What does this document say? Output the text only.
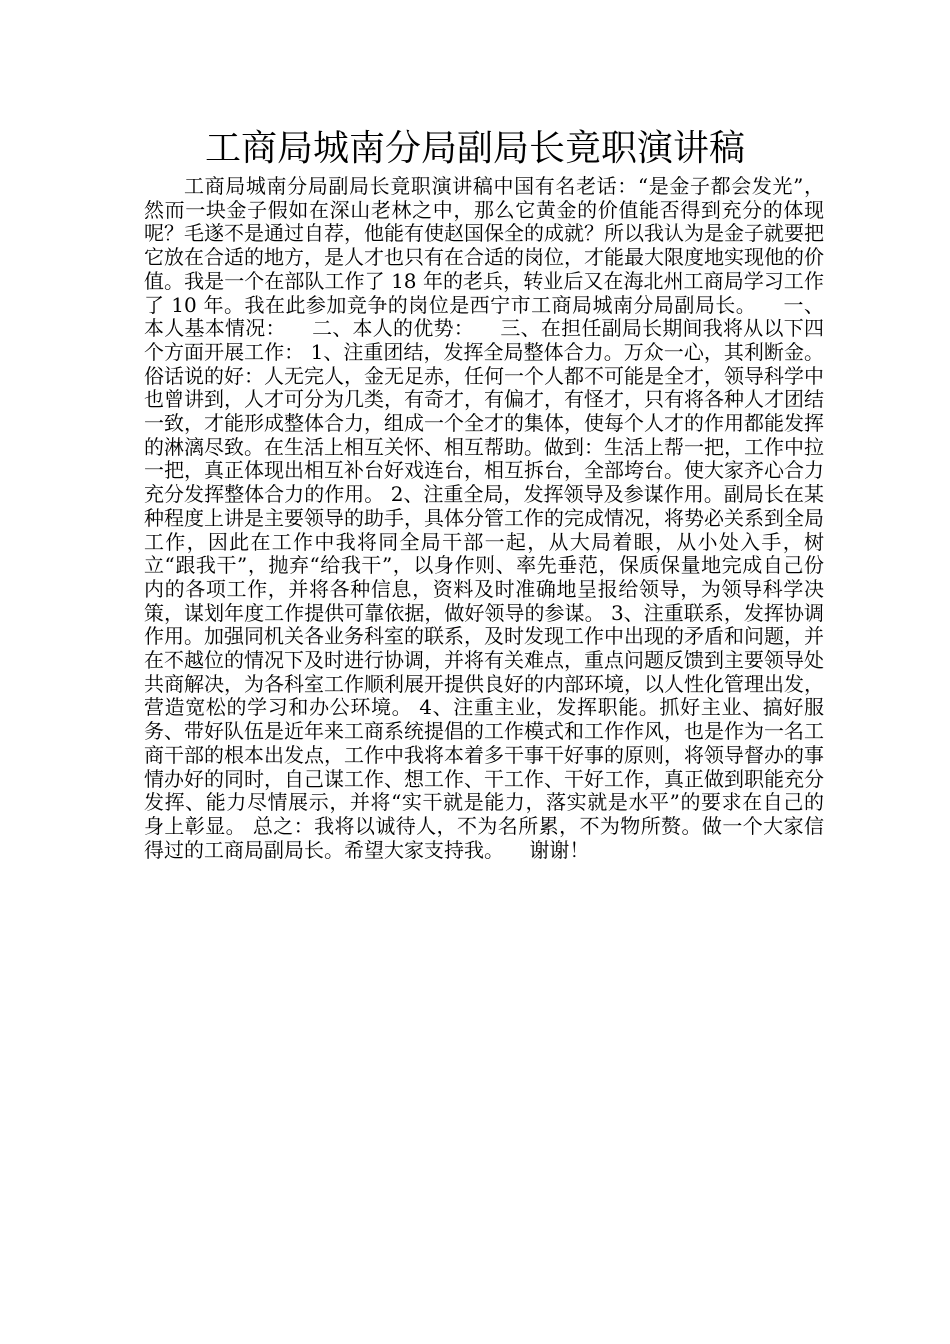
工商局城南分局副局长竟职演讲稿

工商局城南分局副局长竟职演讲稿中国有名老话：“是金子都会发光”，然而一块金子假如在深山老林之中，那么它黄金的价值能否得到充分的体现呢？毛遂不是通过自荐，他能有使赵国保全的成就？所以我认为是金子就要把它放在合适的地方，是人才也只有在合适的岗位，才能最大限度地实现他的价值。我是一个在部队工作了 18 年的老兵，转业后又在海北州工商局学习工作了 10 年。我在此参加竞争的岗位是西宁市工商局城南分局副局长。    一、本人基本情况：    二、本人的优势：    三、在担任副局长期间我将从以下四个方面开展工作： 1、注重团结，发挥全局整体合力。万众一心，其利断金。俗话说的好：人无完人，金无足赤，任何一个人都不可能是全才，领导科学中也曾讲到，人才可分为几类，有奇才，有偏才，有怪才，只有将各种人才团结一致，才能形成整体合力，组成一个全才的集体，使每个人才的作用都能发挥的淋漓尽致。在生活上相互关怀、相互帮助。做到：生活上帮一把，工作中拉一把，真正体现出相互补台好戏连台，相互拆台，全部垮台。使大家齐心合力充分发挥整体合力的作用。 2、注重全局，发挥领导及参谋作用。副局长在某种程度上讲是主要领导的助手，具体分管工作的完成情况，将势必关系到全局工作，因此在工作中我将同全局干部一起，从大局着眼，从小处入手，树立“跟我干”，抛弃“给我干”，以身作则、率先垂范，保质保量地完成自己份内的各项工作，并将各种信息，资料及时准确地呈报给领导，为领导科学决策，谋划年度工作提供可靠依据，做好领导的参谋。 3、注重联系，发挥协调作用。加强同机关各业务科室的联系，及时发现工作中出现的矛盾和问题，并在不越位的情况下及时进行协调，并将有关难点，重点问题反馈到主要领导处共商解决，为各科室工作顺利展开提供良好的内部环境，以人性化管理出发，营造宽松的学习和办公环境。 4、注重主业，发挥职能。抓好主业、搞好服务、带好队伍是近年来工商系统提倡的工作模式和工作作风，也是作为一名工商干部的根本出发点，工作中我将本着多干事干好事的原则，将领导督办的事情办好的同时，自己谋工作、想工作、干工作、干好工作，真正做到职能充分发挥、能力尽情展示，并将“实干就是能力，落实就是水平”的要求在自己的身上彰显。 总之：我将以诚待人，不为名所累，不为物所赘。做一个大家信得过的工商局副局长。希望大家支持我。    谢谢！
